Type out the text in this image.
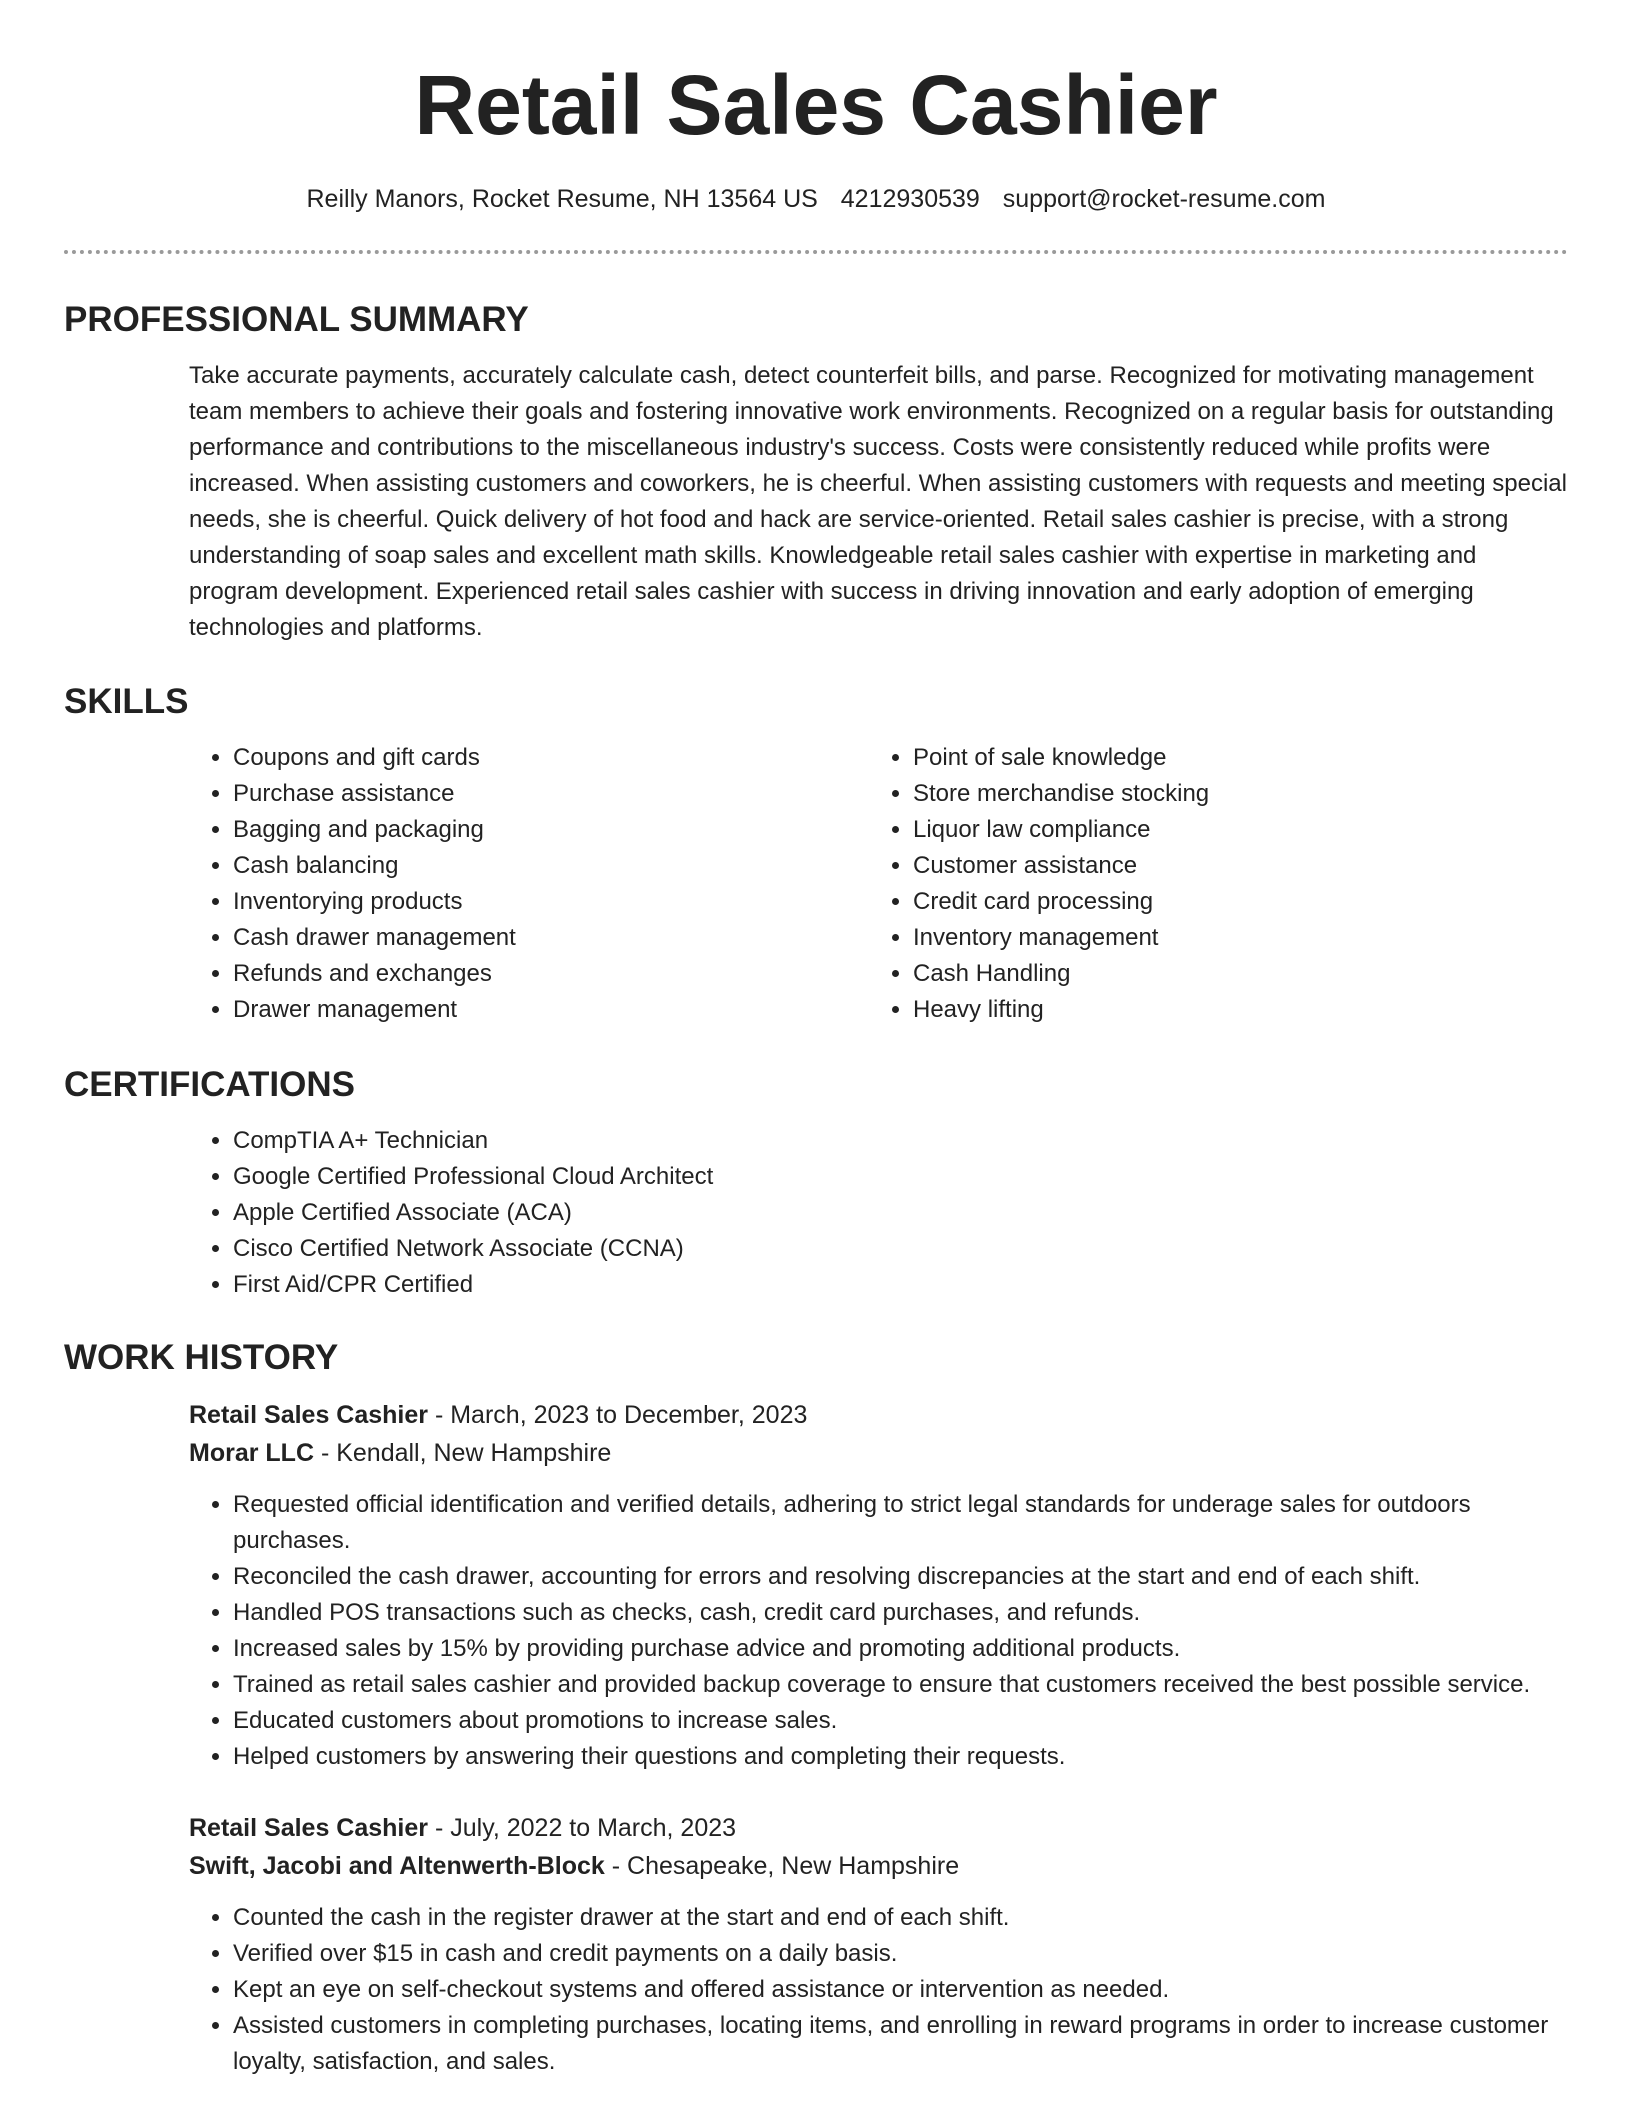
Retail Sales Cashier
Reilly Manors, Rocket Resume, NH 13564 US 4212930539 support@rocket-resume.com
PROFESSIONAL SUMMARY
Take accurate payments, accurately calculate cash, detect counterfeit bills, and parse. Recognized for motivating management team members to achieve their goals and fostering innovative work environments. Recognized on a regular basis for outstanding performance and contributions to the miscellaneous industry's success. Costs were consistently reduced while profits were increased. When assisting customers and coworkers, he is cheerful. When assisting customers with requests and meeting special needs, she is cheerful. Quick delivery of hot food and hack are service-oriented. Retail sales cashier is precise, with a strong understanding of soap sales and excellent math skills. Knowledgeable retail sales cashier with expertise in marketing and program development. Experienced retail sales cashier with success in driving innovation and early adoption of emerging technologies and platforms.
SKILLS
• Coupons and gift cards
• Purchase assistance
• Bagging and packaging
• Cash balancing
• Inventorying products
• Cash drawer management
• Refunds and exchanges
• Drawer management
• Point of sale knowledge
• Store merchandise stocking
• Liquor law compliance
• Customer assistance
• Credit card processing
• Inventory management
• Cash Handling
• Heavy lifting
CERTIFICATIONS
• CompTIA A+ Technician
• Google Certified Professional Cloud Architect
• Apple Certified Associate (ACA)
• Cisco Certified Network Associate (CCNA)
• First Aid/CPR Certified
WORK HISTORY
Retail Sales Cashier - March, 2023 to December, 2023
Morar LLC - Kendall, New Hampshire
• Requested official identification and verified details, adhering to strict legal standards for underage sales for outdoors purchases.
• Reconciled the cash drawer, accounting for errors and resolving discrepancies at the start and end of each shift.
• Handled POS transactions such as checks, cash, credit card purchases, and refunds.
• Increased sales by 15% by providing purchase advice and promoting additional products.
• Trained as retail sales cashier and provided backup coverage to ensure that customers received the best possible service.
• Educated customers about promotions to increase sales.
• Helped customers by answering their questions and completing their requests.
Retail Sales Cashier - July, 2022 to March, 2023
Swift, Jacobi and Altenwerth-Block - Chesapeake, New Hampshire
• Counted the cash in the register drawer at the start and end of each shift.
• Verified over $15 in cash and credit payments on a daily basis.
• Kept an eye on self-checkout systems and offered assistance or intervention as needed.
• Assisted customers in completing purchases, locating items, and enrolling in reward programs in order to increase customer loyalty, satisfaction, and sales.
